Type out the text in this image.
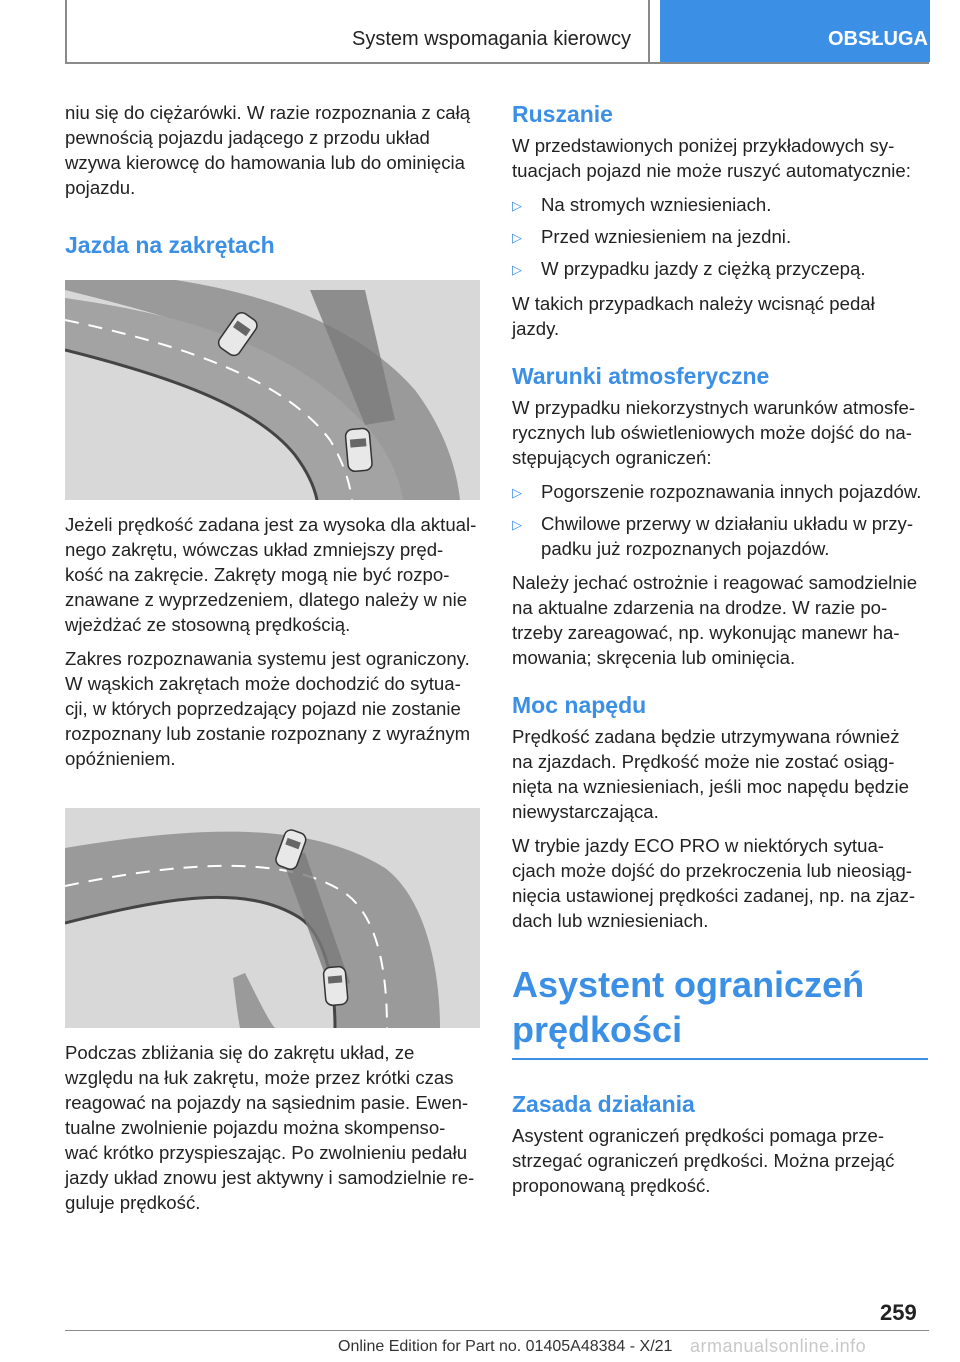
System wspomagania kierowcy	OBSŁUGA

niu się do ciężarówki. W razie rozpoznania z całą
pewnością pojazdu jadącego z przodu układ
wzywa kierowcę do hamowania lub do ominięcia
pojazdu.

Jazda na zakrętach

Jeżeli prędkość zadana jest za wysoka dla aktual-
nego zakrętu, wówczas układ zmniejszy pręd-
kość na zakręcie. Zakręty mogą nie być rozpo-
znawane z wyprzedzeniem, dlatego należy w nie
wjeżdżać ze stosowną prędkością.

Zakres rozpoznawania systemu jest ograniczony.
W wąskich zakrętach może dochodzić do sytua-
cji, w których poprzedzający pojazd nie zostanie
rozpoznany lub zostanie rozpoznany z wyraźnym
opóźnieniem.

Podczas zbliżania się do zakrętu układ, ze
względu na łuk zakrętu, może przez krótki czas
reagować na pojazdy na sąsiednim pasie. Ewen-
tualne zwolnienie pojazdu można skompenso-
wać krótko przyspieszając. Po zwolnieniu pedału
jazdy układ znowu jest aktywny i samodzielnie re-
guluje prędkość.

Ruszanie

W przedstawionych poniżej przykładowych sy-
tuacjach pojazd nie może ruszyć automatycznie:

▷	Na stromych wzniesieniach.
▷	Przed wzniesieniem na jezdni.
▷	W przypadku jazdy z ciężką przyczepą.

W takich przypadkach należy wcisnąć pedał
jazdy.

Warunki atmosferyczne

W przypadku niekorzystnych warunków atmosfe-
rycznych lub oświetleniowych może dojść do na-
stępujących ograniczeń:

▷	Pogorszenie rozpoznawania innych pojazdów.
▷	Chwilowe przerwy w działaniu układu w przy-
padku już rozpoznanych pojazdów.

Należy jechać ostrożnie i reagować samodzielnie
na aktualne zdarzenia na drodze. W razie po-
trzeby zareagować, np. wykonując manewr ha-
mowania; skręcenia lub ominięcia.

Moc napędu

Prędkość zadana będzie utrzymywana również
na zjazdach. Prędkość może nie zostać osiąg-
nięta na wzniesieniach, jeśli moc napędu będzie
niewystarczająca.

W trybie jazdy ECO PRO w niektórych sytua-
cjach może dojść do przekroczenia lub nieosiąg-
nięcia ustawionej prędkości zadanej, np. na zjaz-
dach lub wzniesieniach.

Asystent ograniczeń
prędkości
Zasada działania

Asystent ograniczeń prędkości pomaga prze-
strzegać ograniczeń prędkości. Można przejąć
proponowaną prędkość.

259
Online Edition for Part no. 01405A48384 - X/21 armanualsonline.info
